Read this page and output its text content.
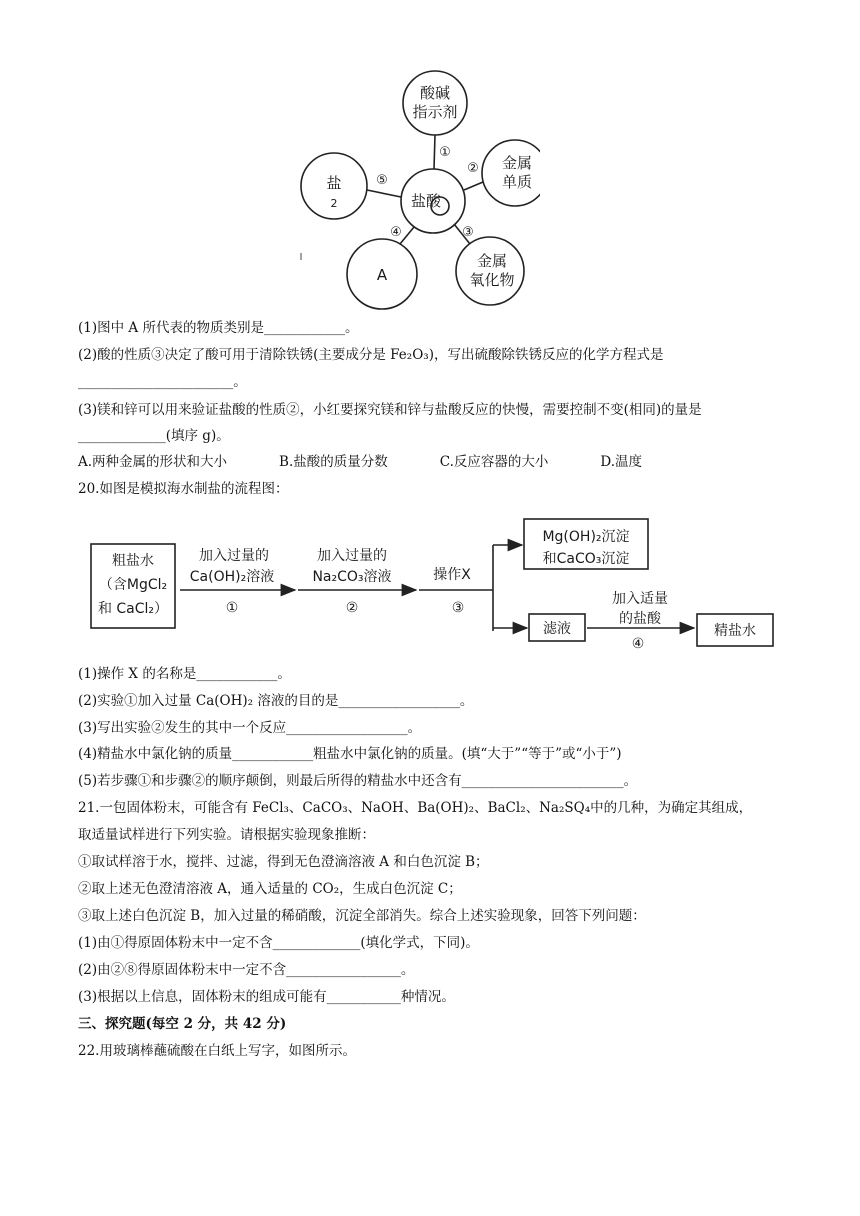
酸碱
指示剂
盐酸
金属
单质
金属
氧化物
A
盐
2
①
②
③
④
⑤
(1)图中 A 所代表的物质类别是____________。
(2)酸的性质③决定了酸可用于清除铁锈(主要成分是 Fe₂O₃)，写出硫酸除铁锈反应的化学方程式是
_______________________。
(3)镁和锌可以用来验证盐酸的性质②，小红要探究镁和锌与盐酸反应的快慢，需要控制不变(相同)的量是
_____________(填序 g)。
A.两种金属的形状和大小	B.盐酸的质量分数	C.反应容器的大小	D.温度
20.如图是模拟海水制盐的流程图：
粗盐水
（含MgCl₂
和 CaCl₂）
加入过量的
Ca(OH)₂溶液
①
加入过量的
Na₂CO₃溶液
②
操作X
③
Mg(OH)₂沉淀
和CaCO₃沉淀
滤液
加入适量
的盐酸
④
精盐水
(1)操作 X 的名称是____________。
(2)实验①加入过量 Ca(OH)₂ 溶液的目的是__________________。
(3)写出实验②发生的其中一个反应__________________。
(4)精盐水中氯化钠的质量____________粗盐水中氯化钠的质量。(填“大于”“等于”或“小于”)
(5)若步骤①和步骤②的顺序颠倒，则最后所得的精盐水中还含有________________________。
21.一包固体粉末，可能含有 FeCl₃、CaCO₃、NaOH、Ba(OH)₂、BaCl₂、Na₂SQ₄中的几种，为确定其组成，
取适量试样进行下列实验。请根据实验现象推断：
①取试样溶于水，搅拌、过滤，得到无色澄滴溶液 A 和白色沉淀 B；
②取上述无色澄清溶液 A，通入适量的 CO₂，生成白色沉淀 C；
③取上述白色沉淀 B，加入过量的稀硝酸，沉淀全部消失。综合上述实验现象，回答下列问题：
(1)由①得原固体粉末中一定不含_____________(填化学式，下同)。
(2)由②⑧得原固体粉末中一定不含_________________。
(3)根据以上信息，固体粉末的组成可能有___________种情况。
三、探究题(每空 2 分，共 42 分)
22.用玻璃棒蘸硫酸在白纸上写字，如图所示。
